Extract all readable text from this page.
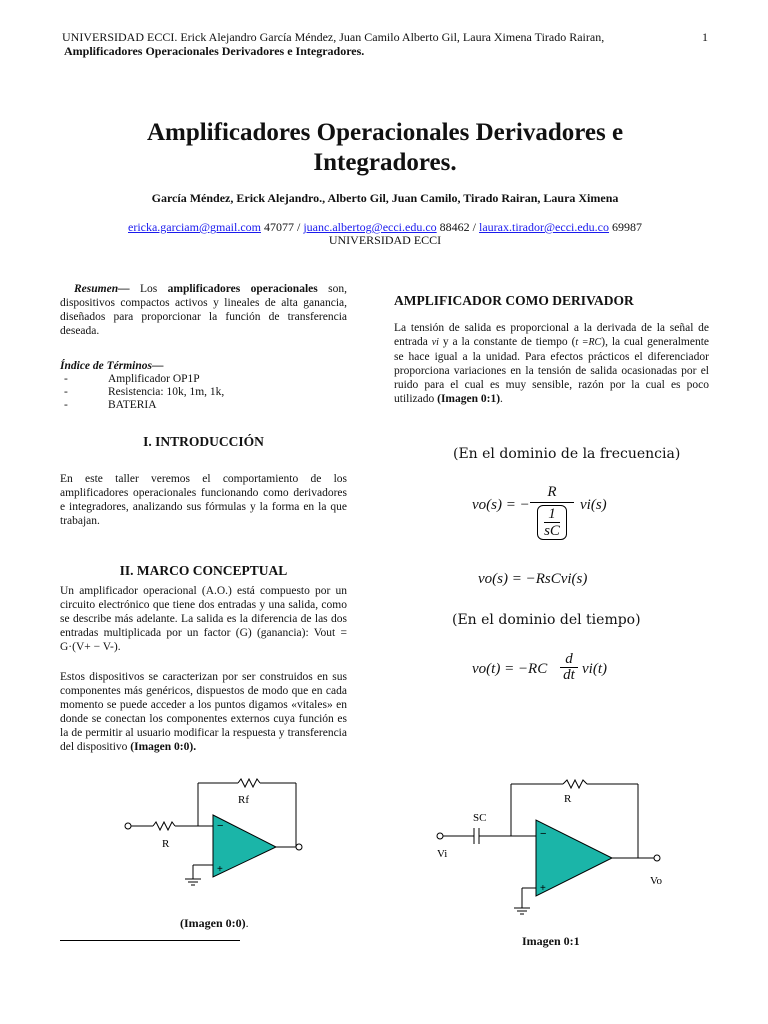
UNIVERSIDAD ECCI. Erick Alejandro García Méndez, Juan Camilo Alberto Gil, Laura Ximena Tirado Rairan,
Amplificadores Operacionales Derivadores e Integradores.
1
Amplificadores Operacionales Derivadores e
Integradores.
García Méndez, Erick Alejandro., Alberto Gil, Juan Camilo, Tirado Rairan, Laura Ximena
ericka.garciam@gmail.com 47077 / juanc.albertog@ecci.edu.co 88462 / laurax.tirador@ecci.edu.co 69987
UNIVERSIDAD ECCI
Resumen— Los amplificadores operacionales son, dispositivos compactos activos y lineales de alta ganancia, diseñados para proporcionar la función de transferencia deseada.
Índice de Términos—
-	Amplificador OP1P
-	Resistencia: 10k, 1m, 1k,
-	BATERIA
I. INTRODUCCIÓN
En este taller veremos el comportamiento de los amplificadores operacionales funcionando como derivadores e integradores, analizando sus fórmulas y la forma en la que trabajan.
II. MARCO CONCEPTUAL
Un amplificador operacional (A.O.) está compuesto por un circuito electrónico que tiene dos entradas y una salida, como se describe más adelante. La salida es la diferencia de las dos entradas multiplicada por un factor (G) (ganancia): Vout = G·(V+ − V-).
Estos dispositivos se caracterizan por ser construidos en sus componentes más genéricos, dispuestos de modo que en cada momento se puede acceder a los puntos digamos «vitales» en donde se conectan los componentes externos cuya función es la de permitir al usuario modificar la respuesta y transferencia del dispositivo (Imagen 0:0).
−
+
Rf
R
(Imagen 0:0).
AMPLIFICADOR COMO DERIVADOR
La tensión de salida es proporcional a la derivada de la señal de entrada vi y a la constante de tiempo (t =RC), la cual generalmente se hace igual a la unidad. Para efectos prácticos el diferenciador proporciona variaciones en la tensión de salida ocasionadas por el ruido para el cual es muy sensible, razón por la cual es poco utilizado (Imagen 0:1).
(En el dominio de la frecuencia)
vo(s) = − $\frac{R}{\frac{1}{sC}} vi(s)$
vo(s) = −RsCvi(s)
(En el dominio del tiempo)
vo(t) = −RC
d
dt vi(t)
−
+
R
SC
Vi
Vo
Imagen 0:1
